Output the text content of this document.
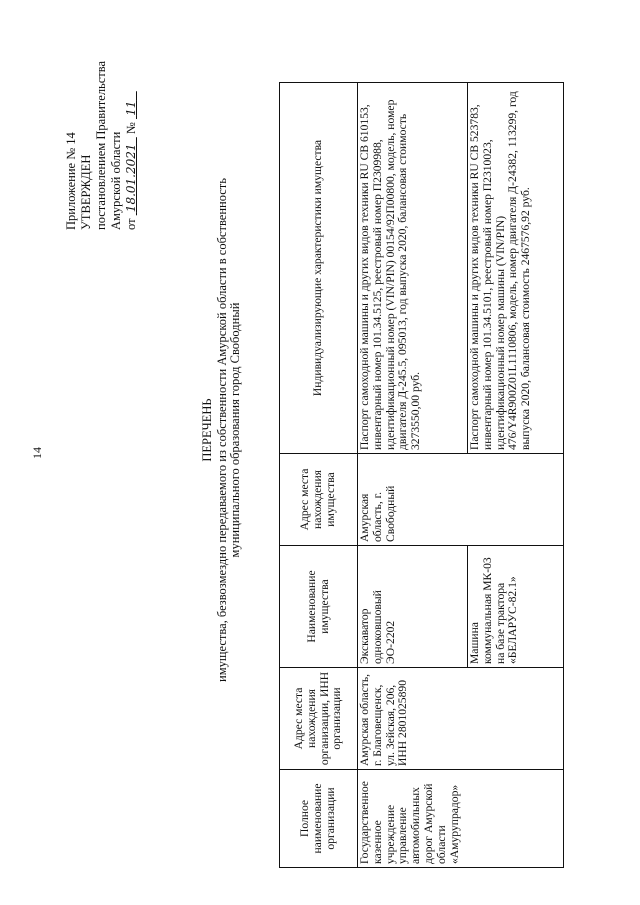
14
Приложение № 14 УТВЕРЖДЕН постановлением Правительства Амурской области от  18.01.2021   №  11
ПЕРЕЧЕНЬ имущества, безвозмездно передаваемого из собственности Амурской области в собственность муниципального образования город Свободный
Полное наименование организации	Адрес места нахождения организации, ИНН организации	Наименование имущества	Адрес места нахождения имущества	Индивидуализирующие характеристики имущества
Государственное казенное учреждение управление автомобильных дорог Амурской области «Амурупрадор»	Амурская область, г. Благовещенск, ул. Зейская, 206, ИНН 2801025890	Экскаватор одноковшовый ЭО-2202	Амурская область, г. Свободный	Паспорт самоходной машины и других видов техники RU CB 610153, инвентарный номер 101.34.5125, реестровый номер П2309988, идентификационный номер (VIN/PIN) 00154/92П00800, модель, номер двигателя Д-245.5, 095013, год выпуска 2020, балансовая стоимость 3273550,00 руб.
		Машина коммунальная МК-03 на базе трактора «БЕЛАРУС-82.1»		Паспорт самоходной машины и других видов техники RU CB 523783, инвентарный номер 101.34.5101, реестровый номер П2310023, идентификационный номер машины (VIN/PIN) 476/Y4R900Z01L1110806, модель, номер двигателя Д-24382, 113299, год выпуска 2020, балансовая стоимость 2467576,92 руб.
